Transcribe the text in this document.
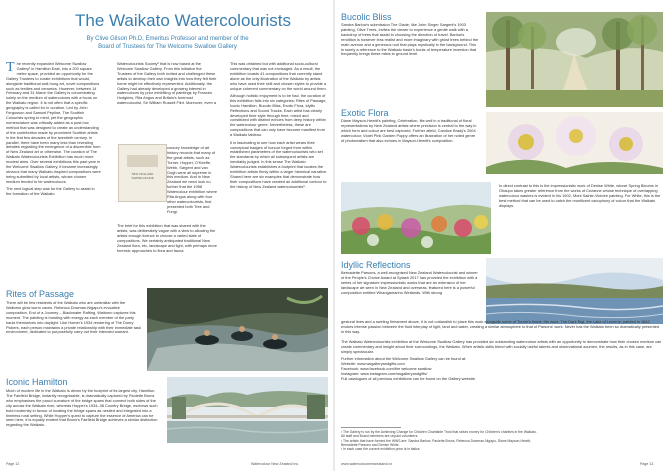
The Waikato Watercolourists
By Clive Gilson Ph.D, Emeritus Professor and member of the
Board of Trustees for The Welcome Swallow Gallery

The recently expanded Welcome Swallow Gallery¹ in Hamilton East, into a 200 square metre space, provided an opportunity for the Gallery Trustees to curate exhibitions that would, alongside traditional wall-hung art, novel compositions such as textiles and ceramics. However, between 14 February and 31 March the Gallery is concentrating solely on the medium of watercolours with a focus on the Waikato region. It is not often that a specific geography is called for in curation. Led by John Fergusson and Samuel Pepline, The Scottish Colourists spring to mind, yet the geographic nomenclature was critically added as a post-hoc method that was designed to create an understanding of the contribution made by prominent Scottish artists in the first few decades of the twentieth century. In parallel, there have been many less than revealing debates regarding the emergence of a discernible form of New Zealand art or otherwise. The curation of The Waikato Watercolourists Exhibition has much more modest aims. Over several exhibitions this past year in the Welcome Swallow Gallery, it became increasingly obvious that many Waikato-inspired compositions were being submitted by local artists, whose chosen medium tended to be watercolours.

The next logical step was for the Gallery to assist in the formation of the Waikato

Watercolourists Society² that is now based at the Welcome Swallow Gallery. From this initiative the Trustees of the Gallery both invited and challenged these artists to develop their own insights into how they felt their home might be effectively represented. Additionally, the Gallery had already developed a growing interest in watercolours by prior exhibiting of paintings by Frances Hodgkins, Rita Angus and Britain's foremost watercolourist, Sir William Russell Flint. Moreover, even a

NEW ZEALAND
WATERCOLOUR

cursory knowledge of art history records that many of the great artists, such as Turner, Hopper, O'Keeffe, Webb, Sargent and van Gogh were all supreme in this medium. And in New Zealand we need look no further that the 1958 Watercolour exhibition where Rita Angus along with four other watercolourists, first presented both Tree and Fungi.

The brief for this exhibition that was shared with the artists, was deliberately vague with a view to allowing the artists enough licence to choose a varied slate of compositions. We certainly anticipated traditional New Zealand flora, etc, landscape and light, with perhaps more forensic approaches to flora and fauna.

This was obtained but with additional socio-cultural commentary that was not envisaged. As a result, the exhibition boasts 41 compositions that currently stand alone as the only illustration of the Waikato by artists who have used their skill and chosen styles to provide a unique coherent commentary on the world around them.

Although holistic enjoyment is to be had, the curation of this exhibition falls into six categories; Rites of Passage, Iconic Hamilton, Bucolic Bliss, Exotic Flora, Idyllic Reflections and Sound Tracks. Each artist has clearly developed their style through time, mixed and constituted with distinct echoes from deep history within the watercolour genre. Nevertheless, these are compositions that can only have become manifest from a Waikato tableau.

It is fascinating to see how each artist wears their conceptual badges of honour forged from within established parameters of the watercolourists who set the standards by which all subsequent artists are inevitably judged. In this sense The Waikato Watercolourists establishes a footprint that locates the exhibition artists firmly within a larger historical narrative. Shared here are six examples that demonstrate how their compositions have created an additional contour to the history of New Zealand watercolourists³.

Rites of Passage

There will be few residents of the Waikato who are unfamiliar with the Waitomo glow worm caves. Rebecca Dowman-Nigapu's evocative composition, End of a Journey – Blackwater Rafting, Waitomo captures this moment. The painting is bursting with energy as each member of the party hauls themselves into daylight. Like Homer's 1934 rendering of The Dorey Pickers, each person maintains a private relationship with their immediate task environment, dedicated to purposefully carry out their intended warrant.

Iconic Hamilton

Much of modern life in the Waikato is driven by the footprint of its largest city, Hamilton. The Fairfield Bridge, instantly recognisable, is dramatically captured by Paulette Bruns who emphasises the proud curvature of the bridge spans that connect both sides of the city across the Waikato river, whereas Hopper's 1934–38 Country Bridge, eschews such bold modernity in favour of locating the bridge spans as nestled and integrated into a timeless rural setting. While Hopper's quest to capture the essence of America can be seen here, it is equally evident that Bruns's Fairfield Bridge achieves a similar distinction regarding the Waikato.

Page 12	Watercolour New Zealand Inc.
Bucolic Bliss

Sandra Barlow's submission The Glade, like John Singer Sargent's 1903 painting, Olive Trees, invites the viewer to experience a gentle walk with a backdrop of trees that assist in choosing the direction of travel. Barlow's rendition is however less realist and more imaginary with ghost trees behind the main avenue and a generous nod that plays mystically in the background. This is surely a reference to the Waikato basin's bouts of temperature inversion that frequently brings these mists to ground level.

Exotic Flora

Diane Mayson-Hewitt's painting, Celebration, fits well in a traditional of floral representations by New Zealand artists where precision is central to the way in which form and colour are best captured. Further afield, Candice Brady's 2004 watercolour, Violet Pink Garden Poppy offers an illustration of her noted genre of photorealism that also echoes in Mayson-Hewitt's composition.

In direct contrast to this is the impressionistic work of Denise White, whose Spring Blooms in Ohaupo takes greater reference from the works of Cezanne whose technique of overlapping watercolour washes is evident in his 1902, Mont Sainte-Victoire painting. For White, this is the best method that can be used to catch the munificent cacophony of colour that the Waikato displays.

Idyllic Reflections

Bernadette Parsons, a well-recognised New Zealand Watercolourist and winner of the People's Choice Award at Splash 2017 has provided the exhibition with a series of her signature impressionistic works that are an extension of her landscape art seen in New Zealand and overseas, featured here is a powerful composition entitled Whangamarino Wetlands. With strong

gestural lines and a swirling firmament above, it is not outlandish to place this work alongside some of Turner's finest. His work, The Dark Rigi, the Lake of Lucerne, painted in 1842 evokes intense passion between the fluid interplay of light, land and water, creating a similar atmosphere to that of Parsons' work. Never has the Waikato been so dramatically presented in this way.

The Waikato Watercolourists exhibition at the Welcome Swallow Gallery has provided six outstanding watercolour artists with an opportunity to demonstrate how their chosen medium can create commentary and insight about their surroundings, the Waikato. When artistic skills blend with socially useful talents and observational acumen, the results, as in this case, are simply spectacular.

Further information about the Welcome Swallow Gallery can be found at:

Website: www.wsgalleryandgifts.com
Facebook: www.facebook.com/the welcome swallow
Instagram: www.instagram.com/wsgalleryandgifts/

Full catalogues of all previous exhibitions can be found on the Gallery website.

¹ The Gallery is run by the Achieving Change for Children Charitable Trust that raises money for Children's charities in the Waikato. All staff and Board members are unpaid volunteers.
² The artists that have formed the WWS are: Sandra Barlow, Paulette Bruns, Rebecca Dowman-Nigapu, Diane Mayson-Hewitt, Bernadette Parsons and Denise White.
³ In each case the current exhibition price is in italics.
www.watercolournewzealand.nz	Page 13
